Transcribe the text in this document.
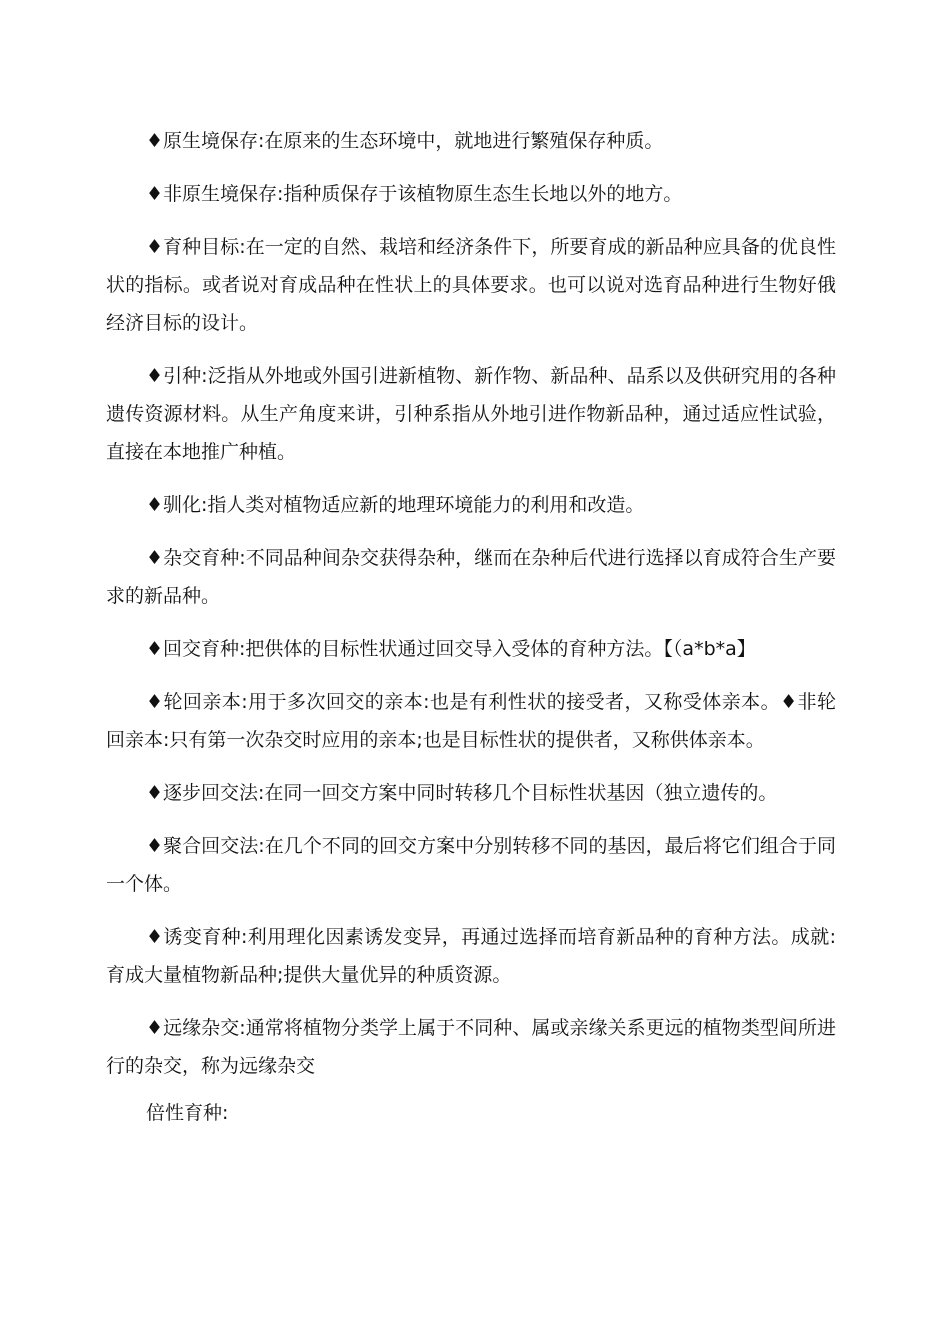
♦原生境保存:在原来的生态环境中，就地进行繁殖保存种质。

♦非原生境保存:指种质保存于该植物原生态生长地以外的地方。

♦育种目标:在一定的自然、栽培和经济条件下，所要育成的新品种应具备的优良性状的指标。或者说对育成品种在性状上的具体要求。也可以说对选育品种进行生物好俄经济目标的设计。

♦引种:泛指从外地或外国引进新植物、新作物、新品种、品系以及供研究用的各种遗传资源材料。从生产角度来讲，引种系指从外地引进作物新品种，通过适应性试验，直接在本地推广种植。

♦驯化:指人类对植物适应新的地理环境能力的利用和改造。

♦杂交育种:不同品种间杂交获得杂种，继而在杂种后代进行选择以育成符合生产要求的新品种。

♦回交育种:把供体的目标性状通过回交导入受体的育种方法。【（a*b*a】

♦轮回亲本:用于多次回交的亲本:也是有利性状的接受者，又称受体亲本。♦非轮回亲本:只有第一次杂交时应用的亲本;也是目标性状的提供者，又称供体亲本。

♦逐步回交法:在同一回交方案中同时转移几个目标性状基因（独立遗传的。

♦聚合回交法:在几个不同的回交方案中分别转移不同的基因，最后将它们组合于同一个体。

♦诱变育种:利用理化因素诱发变异，再通过选择而培育新品种的育种方法。成就:育成大量植物新品种;提供大量优异的种质资源。

♦远缘杂交:通常将植物分类学上属于不同种、属或亲缘关系更远的植物类型间所进行的杂交，称为远缘杂交

倍性育种:
